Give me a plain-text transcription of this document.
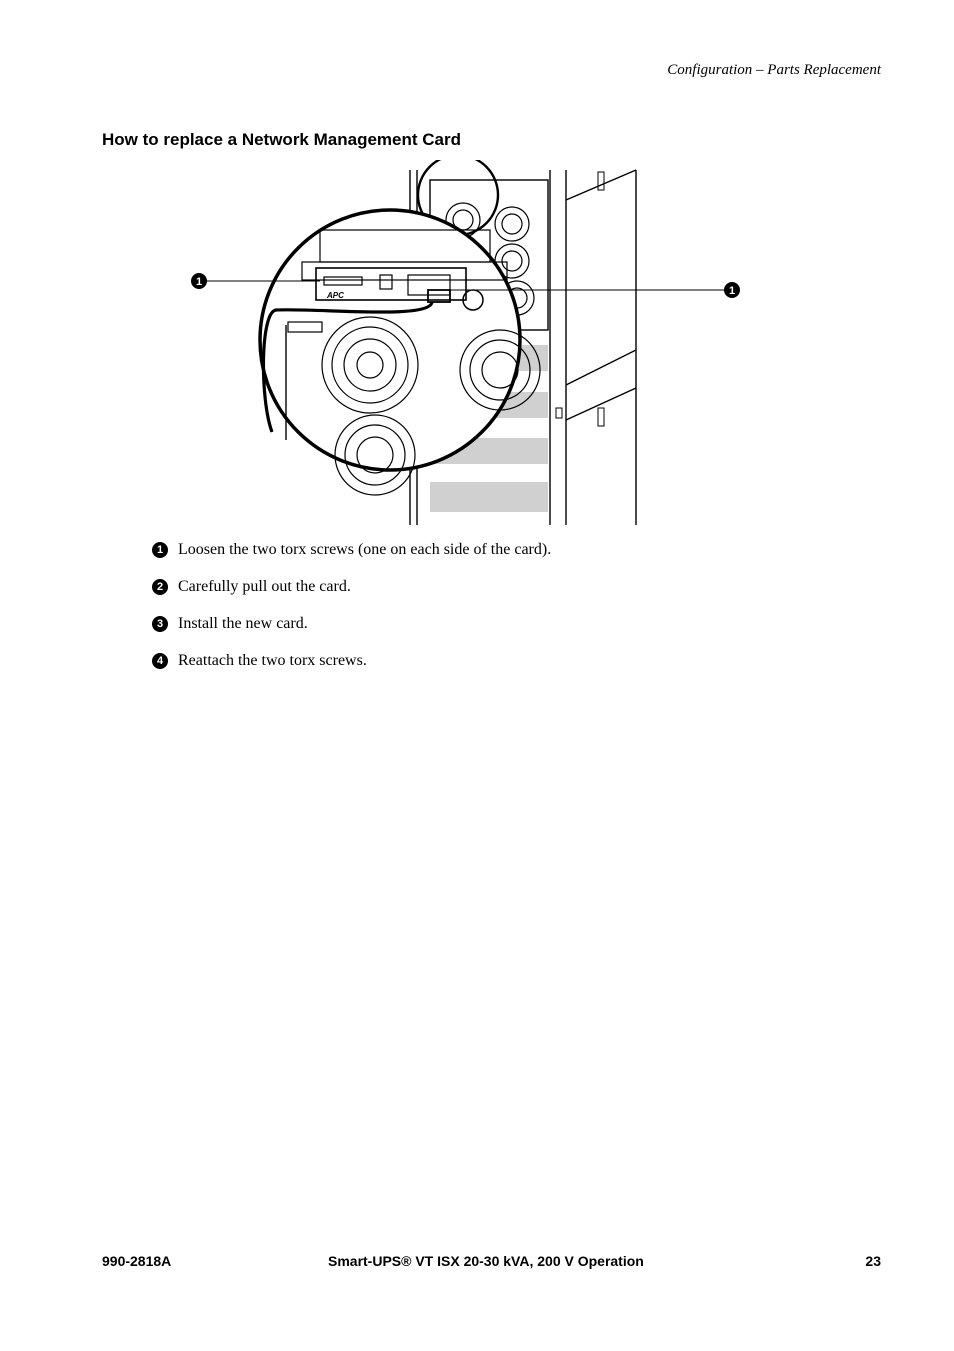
Configuration – Parts Replacement
How to replace a Network Management Card
APC
1
1
1 Loosen the two torx screws (one on each side of the card).
2 Carefully pull out the card.
3 Install the new card.
4 Reattach the two torx screws.
990-2818A	Smart-UPS® VT ISX 20-30 kVA, 200 V Operation	23
